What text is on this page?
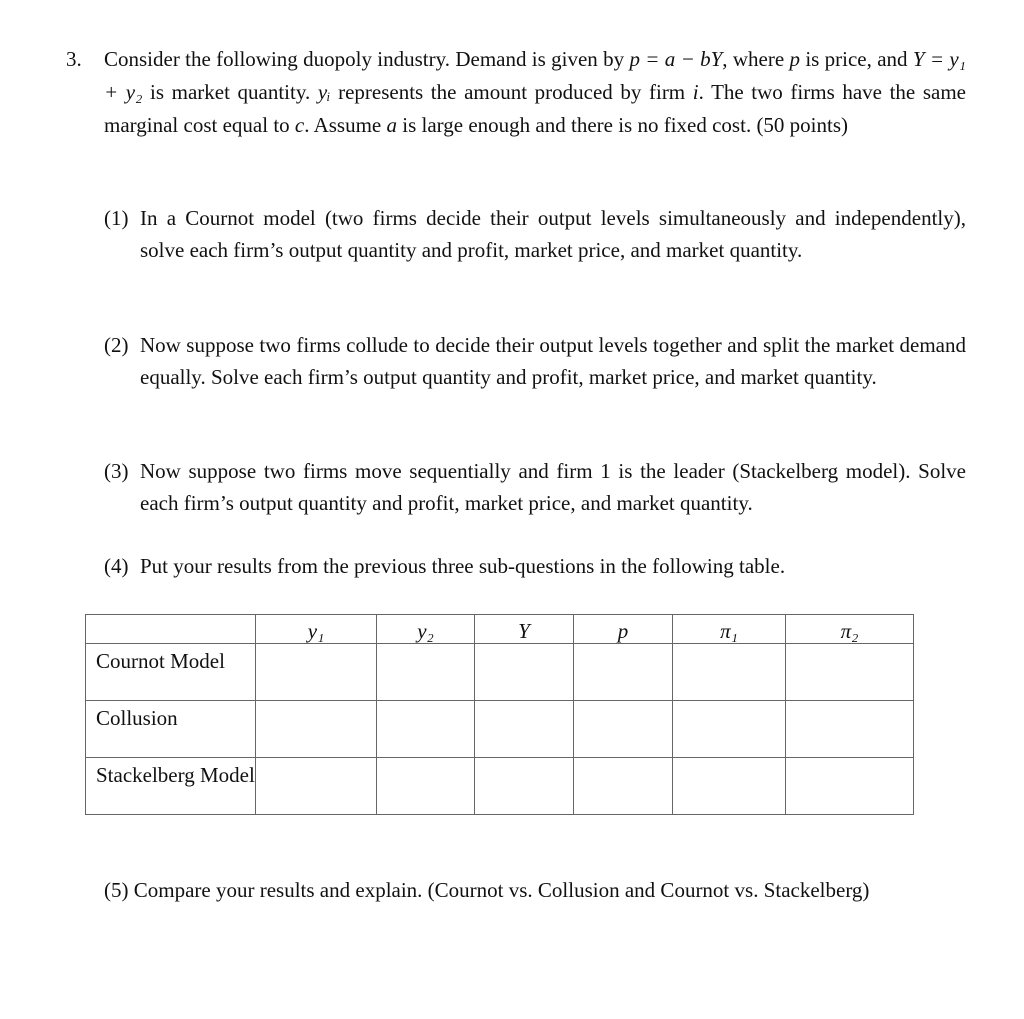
3. Consider the following duopoly industry. Demand is given by p = a − bY, where p is price, and Y = y₁ + y₂ is market quantity. yᵢ represents the amount produced by firm i. The two firms have the same marginal cost equal to c. Assume a is large enough and there is no fixed cost. (50 points)
(1) In a Cournot model (two firms decide their output levels simultaneously and independently), solve each firm’s output quantity and profit, market price, and market quantity.
(2) Now suppose two firms collude to decide their output levels together and split the market demand equally. Solve each firm’s output quantity and profit, market price, and market quantity.
(3) Now suppose two firms move sequentially and firm 1 is the leader (Stackelberg model). Solve each firm’s output quantity and profit, market price, and market quantity.
(4) Put your results from the previous three sub-questions in the following table.
	y₁	y₂	Y	p	π₁	π₂
Cournot Model						
Collusion						
Stackelberg Model						
(5) Compare your results and explain. (Cournot vs. Collusion and Cournot vs. Stackelberg)
